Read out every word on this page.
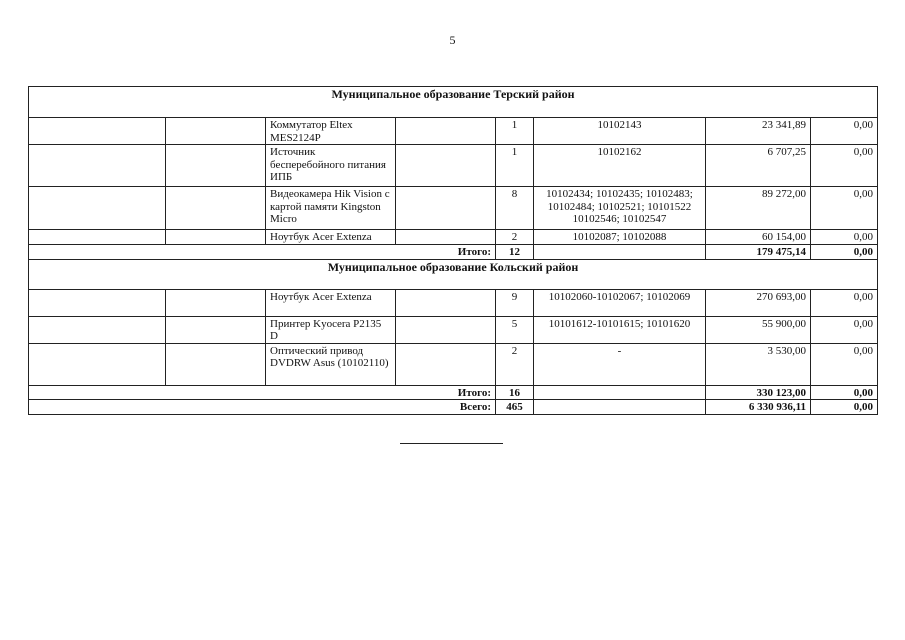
5
Муниципальное образование Терский район							
		Коммутатор Eltex MES2124P		1	10102143	23 341,89	0,00
		Источник бесперебойного питания ИПБ		1	10102162	6 707,25	0,00
		Видеокамера Hik Vision с картой памяти Kingston Micro		8	10102434; 10102435; 10102483; 10102484; 10102521; 10101522 10102546; 10102547	89 272,00	0,00
		Ноутбук Acer Extenza		2	10102087; 10102088	60 154,00	0,00
Итого:				12		179 475,14	0,00
Муниципальное образование Кольский район							
		Ноутбук Acer Extenza		9	10102060-10102067; 10102069	270 693,00	0,00
		Принтер Kyocera P2135 D		5	10101612-10101615; 10101620	55 900,00	0,00
		Оптический привод DVDRW Asus (10102110)		2	-	3 530,00	0,00
Итого:				16		330 123,00	0,00
Всего:				465		6 330 936,11	0,00
